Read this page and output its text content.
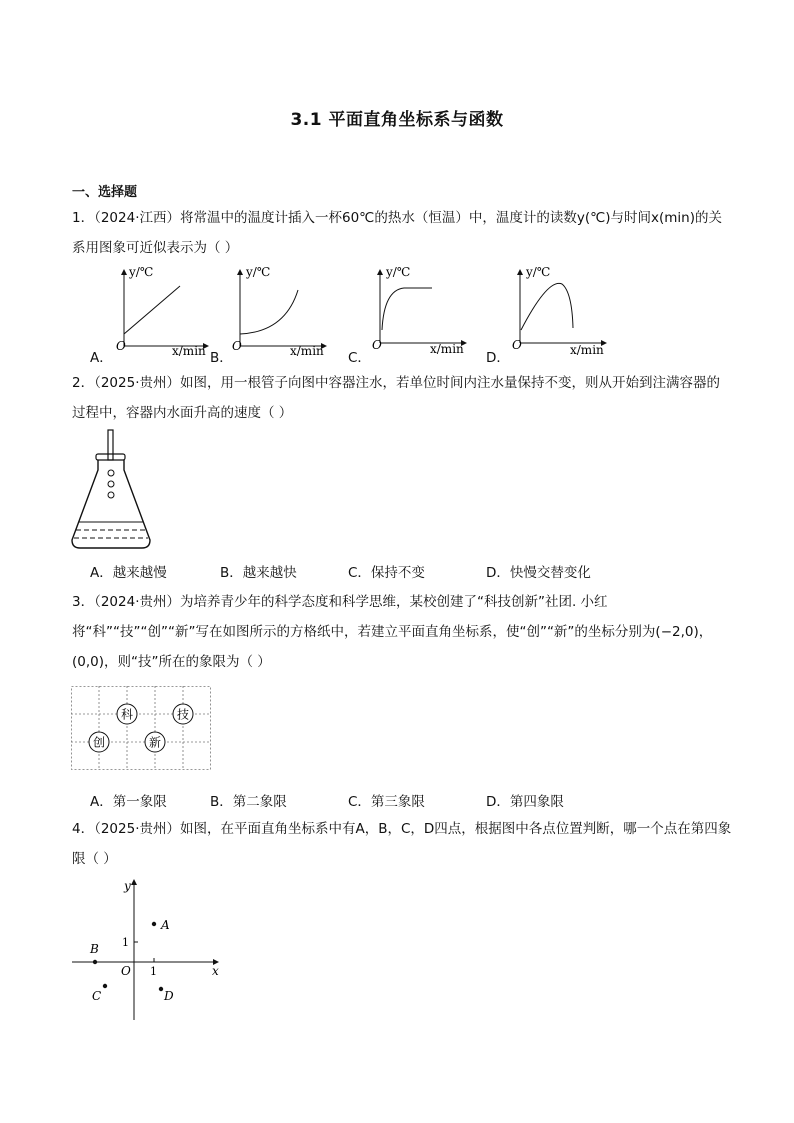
3.1 平面直角坐标系与函数
一、选择题
1．（2024·江西）将常温中的温度计插入一杯60℃的热水（恒温）中，温度计的读数y(℃)与时间x(min)的关系用图象可近似表示为（ ）
y/℃
x/min
O
y/℃
x/min
O
y/℃
x/min
O
y/℃
x/min
O
A．	B．	C．	D．
2．（2025·贵州）如图，用一根管子向图中容器注水，若单位时间内注水量保持不变，则从开始到注满容器的过程中，容器内水面升高的速度（ ）
A．越来越慢	B．越来越快	C．保持不变	D．快慢交替变化
3．（2024·贵州）为培养青少年的科学态度和科学思维，某校创建了“科技创新”社团. 小红将“科”“技”“创”“新”写在如图所示的方格纸中，若建立平面直角坐标系，使“创”“新”的坐标分别为(−2,0)，(0,0)，则“技”所在的象限为（ ）
科	技
创	新
A．第一象限	B．第二象限	C．第三象限	D．第四象限
4．（2025·贵州）如图，在平面直角坐标系中有A，B，C，D四点，根据图中各点位置判断，哪一个点在第四象限（ ）
y
x
O
1
1
A
B
C	D
